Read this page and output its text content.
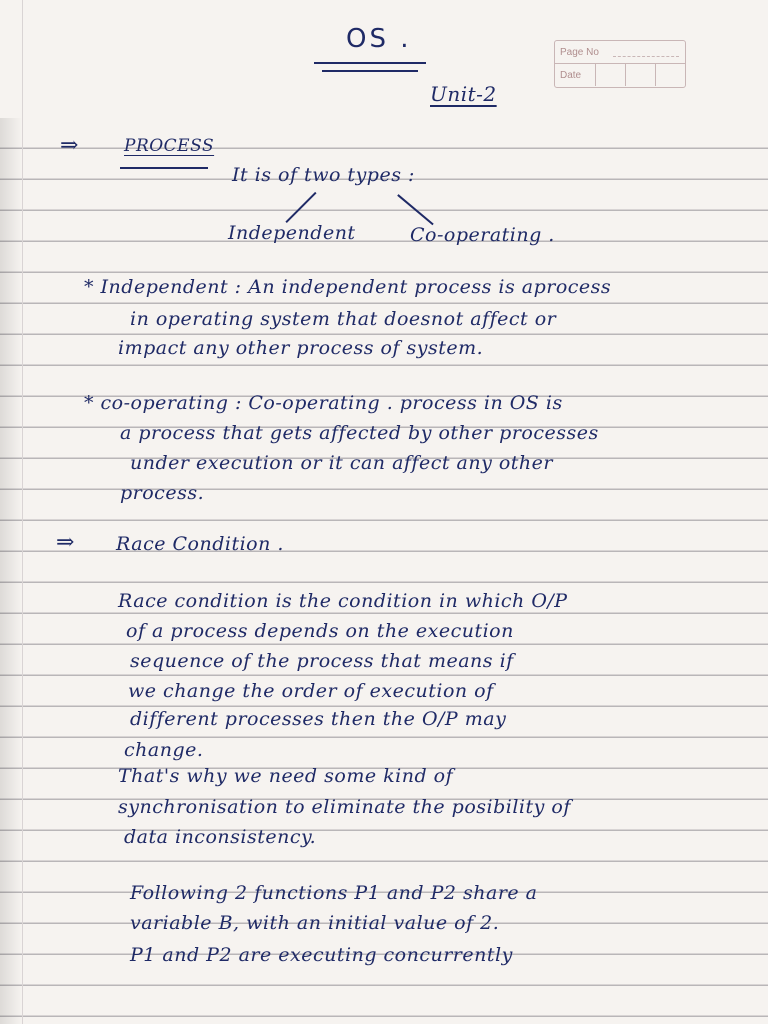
Page No
Date
OS .
Unit-2
⇒	PROCESS
It is of two types :
Independent	Co-operating .
* Independent : An independent process is aprocess
in operating system that doesnot affect or
impact any other process of system.
* co-operating : Co-operating . process in OS is
a process that gets affected by other processes
under execution or it can affect any other
process.
⇒ Race Condition .
Race condition is the condition in which O/P
of a process depends on the execution
sequence of the process that means if
we change the order of execution of
different processes then the O/P may
change.
That's why we need some kind of
synchronisation to eliminate the posibility of
data inconsistency.
Following 2 functions P1 and P2 share a
variable B, with an initial value of 2.
P1 and P2 are executing concurrently
